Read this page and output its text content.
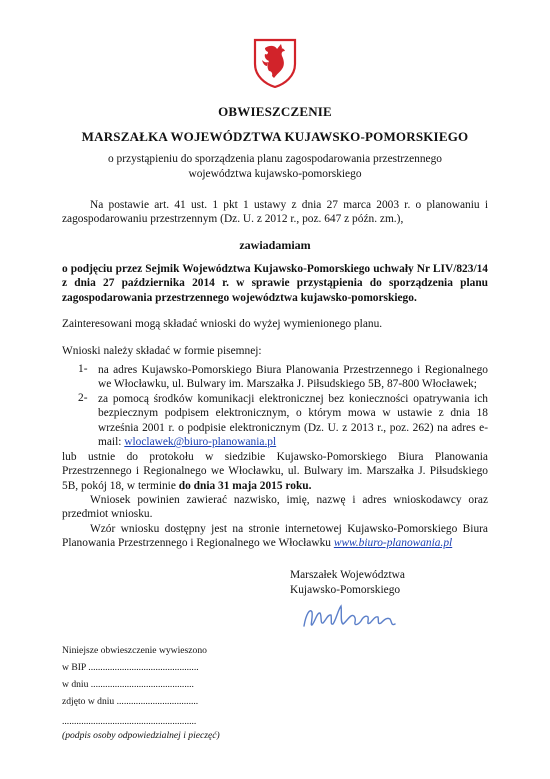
OBWIESZCZENIE
MARSZAŁKA WOJEWÓDZTWA KUJAWSKO-POMORSKIEGO
o przystąpieniu do sporządzenia planu zagospodarowania przestrzennego
województwa kujawsko-pomorskiego
Na postawie art. 41 ust. 1 pkt 1 ustawy z dnia 27 marca 2003 r. o planowaniu i zagospodarowaniu przestrzennym (Dz. U. z 2012 r., poz. 647 z późn. zm.),
zawiadamiam
o podjęciu przez Sejmik Województwa Kujawsko-Pomorskiego uchwały Nr LIV/823/14 z dnia 27 października 2014 r. w sprawie przystąpienia do sporządzenia planu zagospodarowania przestrzennego województwa kujawsko-pomorskiego.
Zainteresowani mogą składać wnioski do wyżej wymienionego planu.
Wnioski należy składać w formie pisemnej:
1- na adres Kujawsko-Pomorskiego Biura Planowania Przestrzennego i Regionalnego we Włocławku, ul. Bulwary im. Marszałka J. Piłsudskiego 5B, 87-800 Włocławek;
2- za pomocą środków komunikacji elektronicznej bez konieczności opatrywania ich bezpiecznym podpisem elektronicznym, o którym mowa w ustawie z dnia 18 września 2001 r. o podpisie elektronicznym (Dz. U. z 2013 r., poz. 262) na adres e-mail: wloclawek@biuro-planowania.pl
lub ustnie do protokołu w siedzibie Kujawsko-Pomorskiego Biura Planowania Przestrzennego i Regionalnego we Włocławku, ul. Bulwary im. Marszałka J. Piłsudskiego 5B, pokój 18, w terminie do dnia 31 maja 2015 roku.
Wniosek powinien zawierać nazwisko, imię, nazwę i adres wnioskodawcy oraz przedmiot wniosku.
Wzór wniosku dostępny jest na stronie internetowej Kujawsko-Pomorskiego Biura Planowania Przestrzennego i Regionalnego we Włocławku www.biuro-planowania.pl
Marszałek Województwa
Kujawsko-Pomorskiego
Niniejsze obwieszczenie wywieszono
w BIP ..............................................
w dniu ...........................................
zdjęto w dniu ..................................
........................................................
(podpis osoby odpowiedzialnej i pieczęć)
